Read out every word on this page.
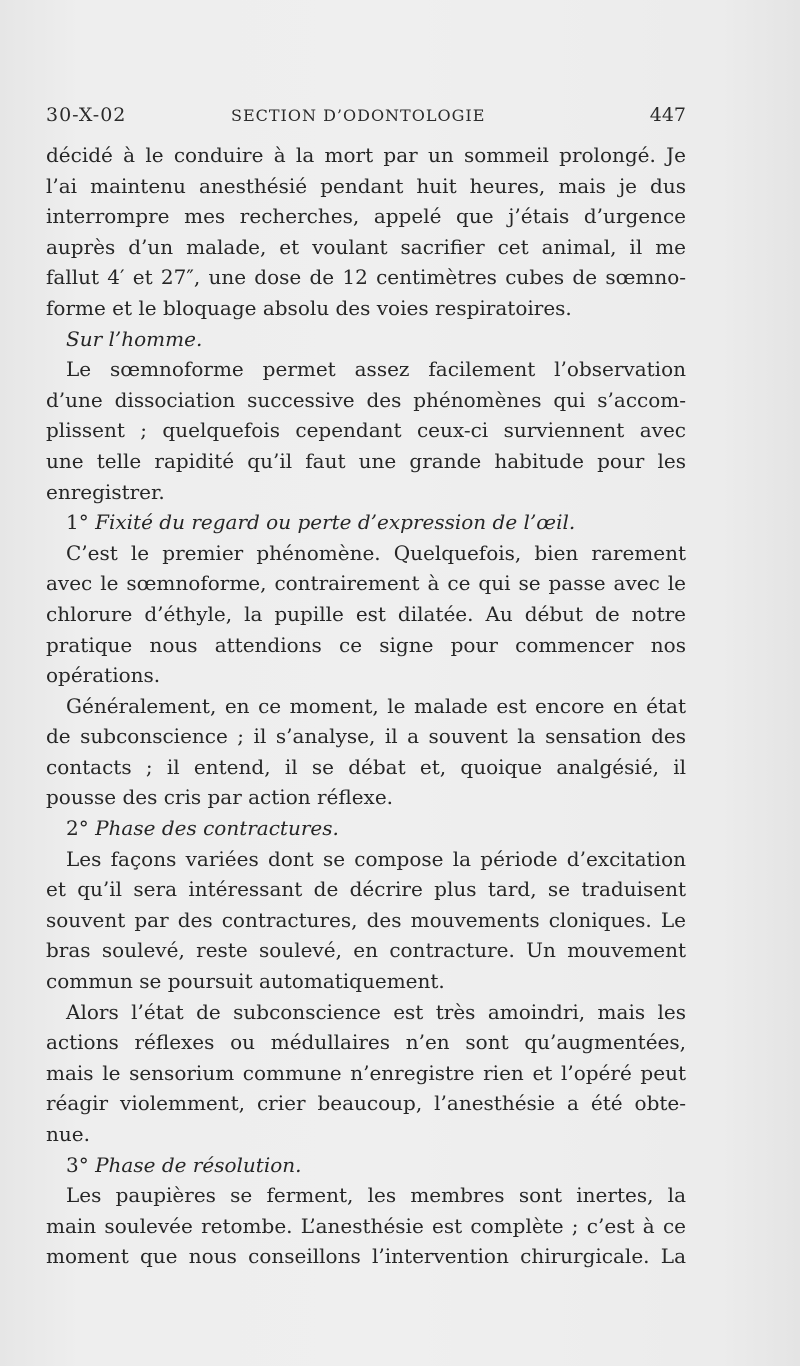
30-X-02	SECTION D’ODONTOLOGIE	447
décidé à le conduire à la mort par un sommeil prolongé. Je
l’ai maintenu anesthésié pendant huit heures, mais je dus
interrompre mes recherches, appelé que j’étais d’urgence
auprès d’un malade, et voulant sacrifier cet animal, il me
fallut 4′ et 27″, une dose de 12 centimètres cubes de sœmno-
forme et le bloquage absolu des voies respiratoires.
Sur l’homme.
Le sœmnoforme permet assez facilement l’observation
d’une dissociation successive des phénomènes qui s’accom-
plissent ; quelquefois cependant ceux-ci surviennent avec
une telle rapidité qu’il faut une grande habitude pour les
enregistrer.
1° Fixité du regard ou perte d’expression de l’œil.
C’est le premier phénomène. Quelquefois, bien rarement
avec le sœmnoforme, contrairement à ce qui se passe avec le
chlorure d’éthyle, la pupille est dilatée. Au début de notre
pratique nous attendions ce signe pour commencer nos
opérations.
Généralement, en ce moment, le malade est encore en état
de subconscience ; il s’analyse, il a souvent la sensation des
contacts ; il entend, il se débat et, quoique analgésié, il
pousse des cris par action réflexe.
2° Phase des contractures.
Les façons variées dont se compose la période d’excitation
et qu’il sera intéressant de décrire plus tard, se traduisent
souvent par des contractures, des mouvements cloniques. Le
bras soulevé, reste soulevé, en contracture. Un mouvement
commun se poursuit automatiquement.
Alors l’état de subconscience est très amoindri, mais les
actions réflexes ou médullaires n’en sont qu’augmentées,
mais le sensorium commune n’enregistre rien et l’opéré peut
réagir violemment, crier beaucoup, l’anesthésie a été obte-
nue.
3° Phase de résolution.
Les paupières se ferment, les membres sont inertes, la
main soulevée retombe. L’anesthésie est complète ; c’est à ce
moment que nous conseillons l’intervention chirurgicale. La
